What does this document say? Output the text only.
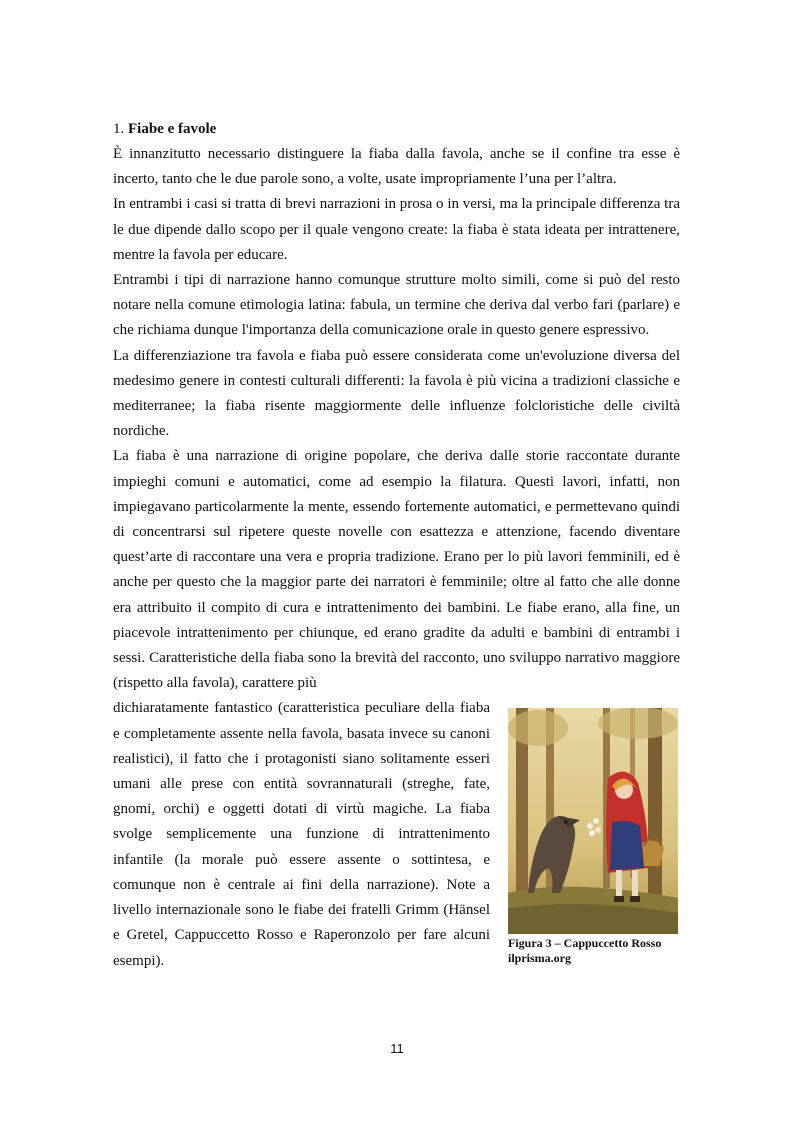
1. Fiabe e favole

È innanzitutto necessario distinguere la fiaba dalla favola, anche se il confine tra esse è incerto, tanto che le due parole sono, a volte, usate impropriamente l’una per l’altra.

In entrambi i casi si tratta di brevi narrazioni in prosa o in versi, ma la principale differenza tra le due dipende dallo scopo per il quale vengono create: la fiaba è stata ideata per intrattenere, mentre la favola per educare.

Entrambi i tipi di narrazione hanno comunque strutture molto simili, come si può del resto notare nella comune etimologia latina: fabula, un termine che deriva dal verbo fari (parlare) e che richiama dunque l'importanza della comunicazione orale in questo genere espressivo.

La differenziazione tra favola e fiaba può essere considerata come un'evoluzione diversa del medesimo genere in contesti culturali differenti: la favola è più vicina a tradizioni classiche e mediterranee; la fiaba risente maggiormente delle influenze folcloristiche delle civiltà nordiche.

La fiaba è una narrazione di origine popolare, che deriva dalle storie raccontate durante impieghi comuni e automatici, come ad esempio la filatura. Questi lavori, infatti, non impiegavano particolarmente la mente, essendo fortemente automatici, e permettevano quindi di concentrarsi sul ripetere queste novelle con esattezza e attenzione, facendo diventare quest’arte di raccontare una vera e propria tradizione. Erano per lo più lavori femminili, ed è anche per questo che la maggior parte dei narratori è femminile; oltre al fatto che alle donne era attribuito il compito di cura e intrattenimento dei bambini. Le fiabe erano, alla fine, un piacevole intrattenimento per chiunque, ed erano gradite da adulti e bambini di entrambi i sessi. Caratteristiche della fiaba sono la brevità del racconto, uno sviluppo narrativo maggiore (rispetto alla favola), carattere più

Figura 3 – Cappuccetto Rosso

ilprisma.org

dichiaratamente fantastico (caratteristica peculiare della fiaba e completamente assente nella favola, basata invece su canoni realistici), il fatto che i protagonisti siano solitamente esseri umani alle prese con entità sovrannaturali (streghe, fate, gnomi, orchi) e oggetti dotati di virtù magiche. La fiaba svolge semplicemente una funzione di intrattenimento infantile (la morale può essere assente o sottintesa, e comunque non è centrale ai fini della narrazione). Note a livello internazionale sono le fiabe dei fratelli Grimm (Hänsel e Gretel, Cappuccetto Rosso e Raperonzolo per fare alcuni esempi).

11
